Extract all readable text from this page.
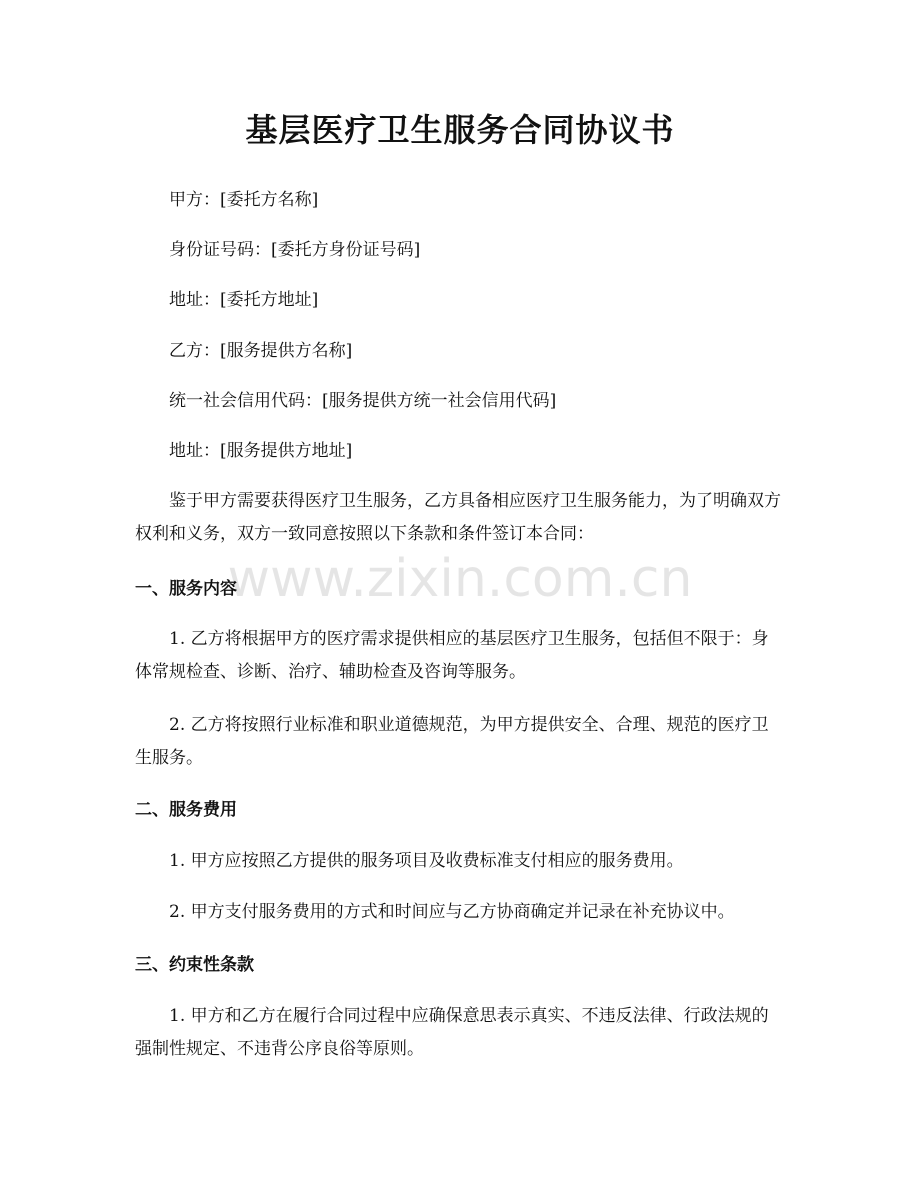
基层医疗卫生服务合同协议书

甲方：[委托方名称]

身份证号码：[委托方身份证号码]

地址：[委托方地址]

乙方：[服务提供方名称]

统一社会信用代码：[服务提供方统一社会信用代码]

地址：[服务提供方地址]

鉴于甲方需要获得医疗卫生服务，乙方具备相应医疗卫生服务能力，为了明确双方权利和义务，双方一致同意按照以下条款和条件签订本合同：

一、服务内容

1. 乙方将根据甲方的医疗需求提供相应的基层医疗卫生服务，包括但不限于：身体常规检查、诊断、治疗、辅助检查及咨询等服务。

2. 乙方将按照行业标准和职业道德规范，为甲方提供安全、合理、规范的医疗卫生服务。

二、服务费用

1. 甲方应按照乙方提供的服务项目及收费标准支付相应的服务费用。

2. 甲方支付服务费用的方式和时间应与乙方协商确定并记录在补充协议中。

三、约束性条款

1. 甲方和乙方在履行合同过程中应确保意思表示真实、不违反法律、行政法规的强制性规定、不违背公序良俗等原则。

www.zixin.com.cn
